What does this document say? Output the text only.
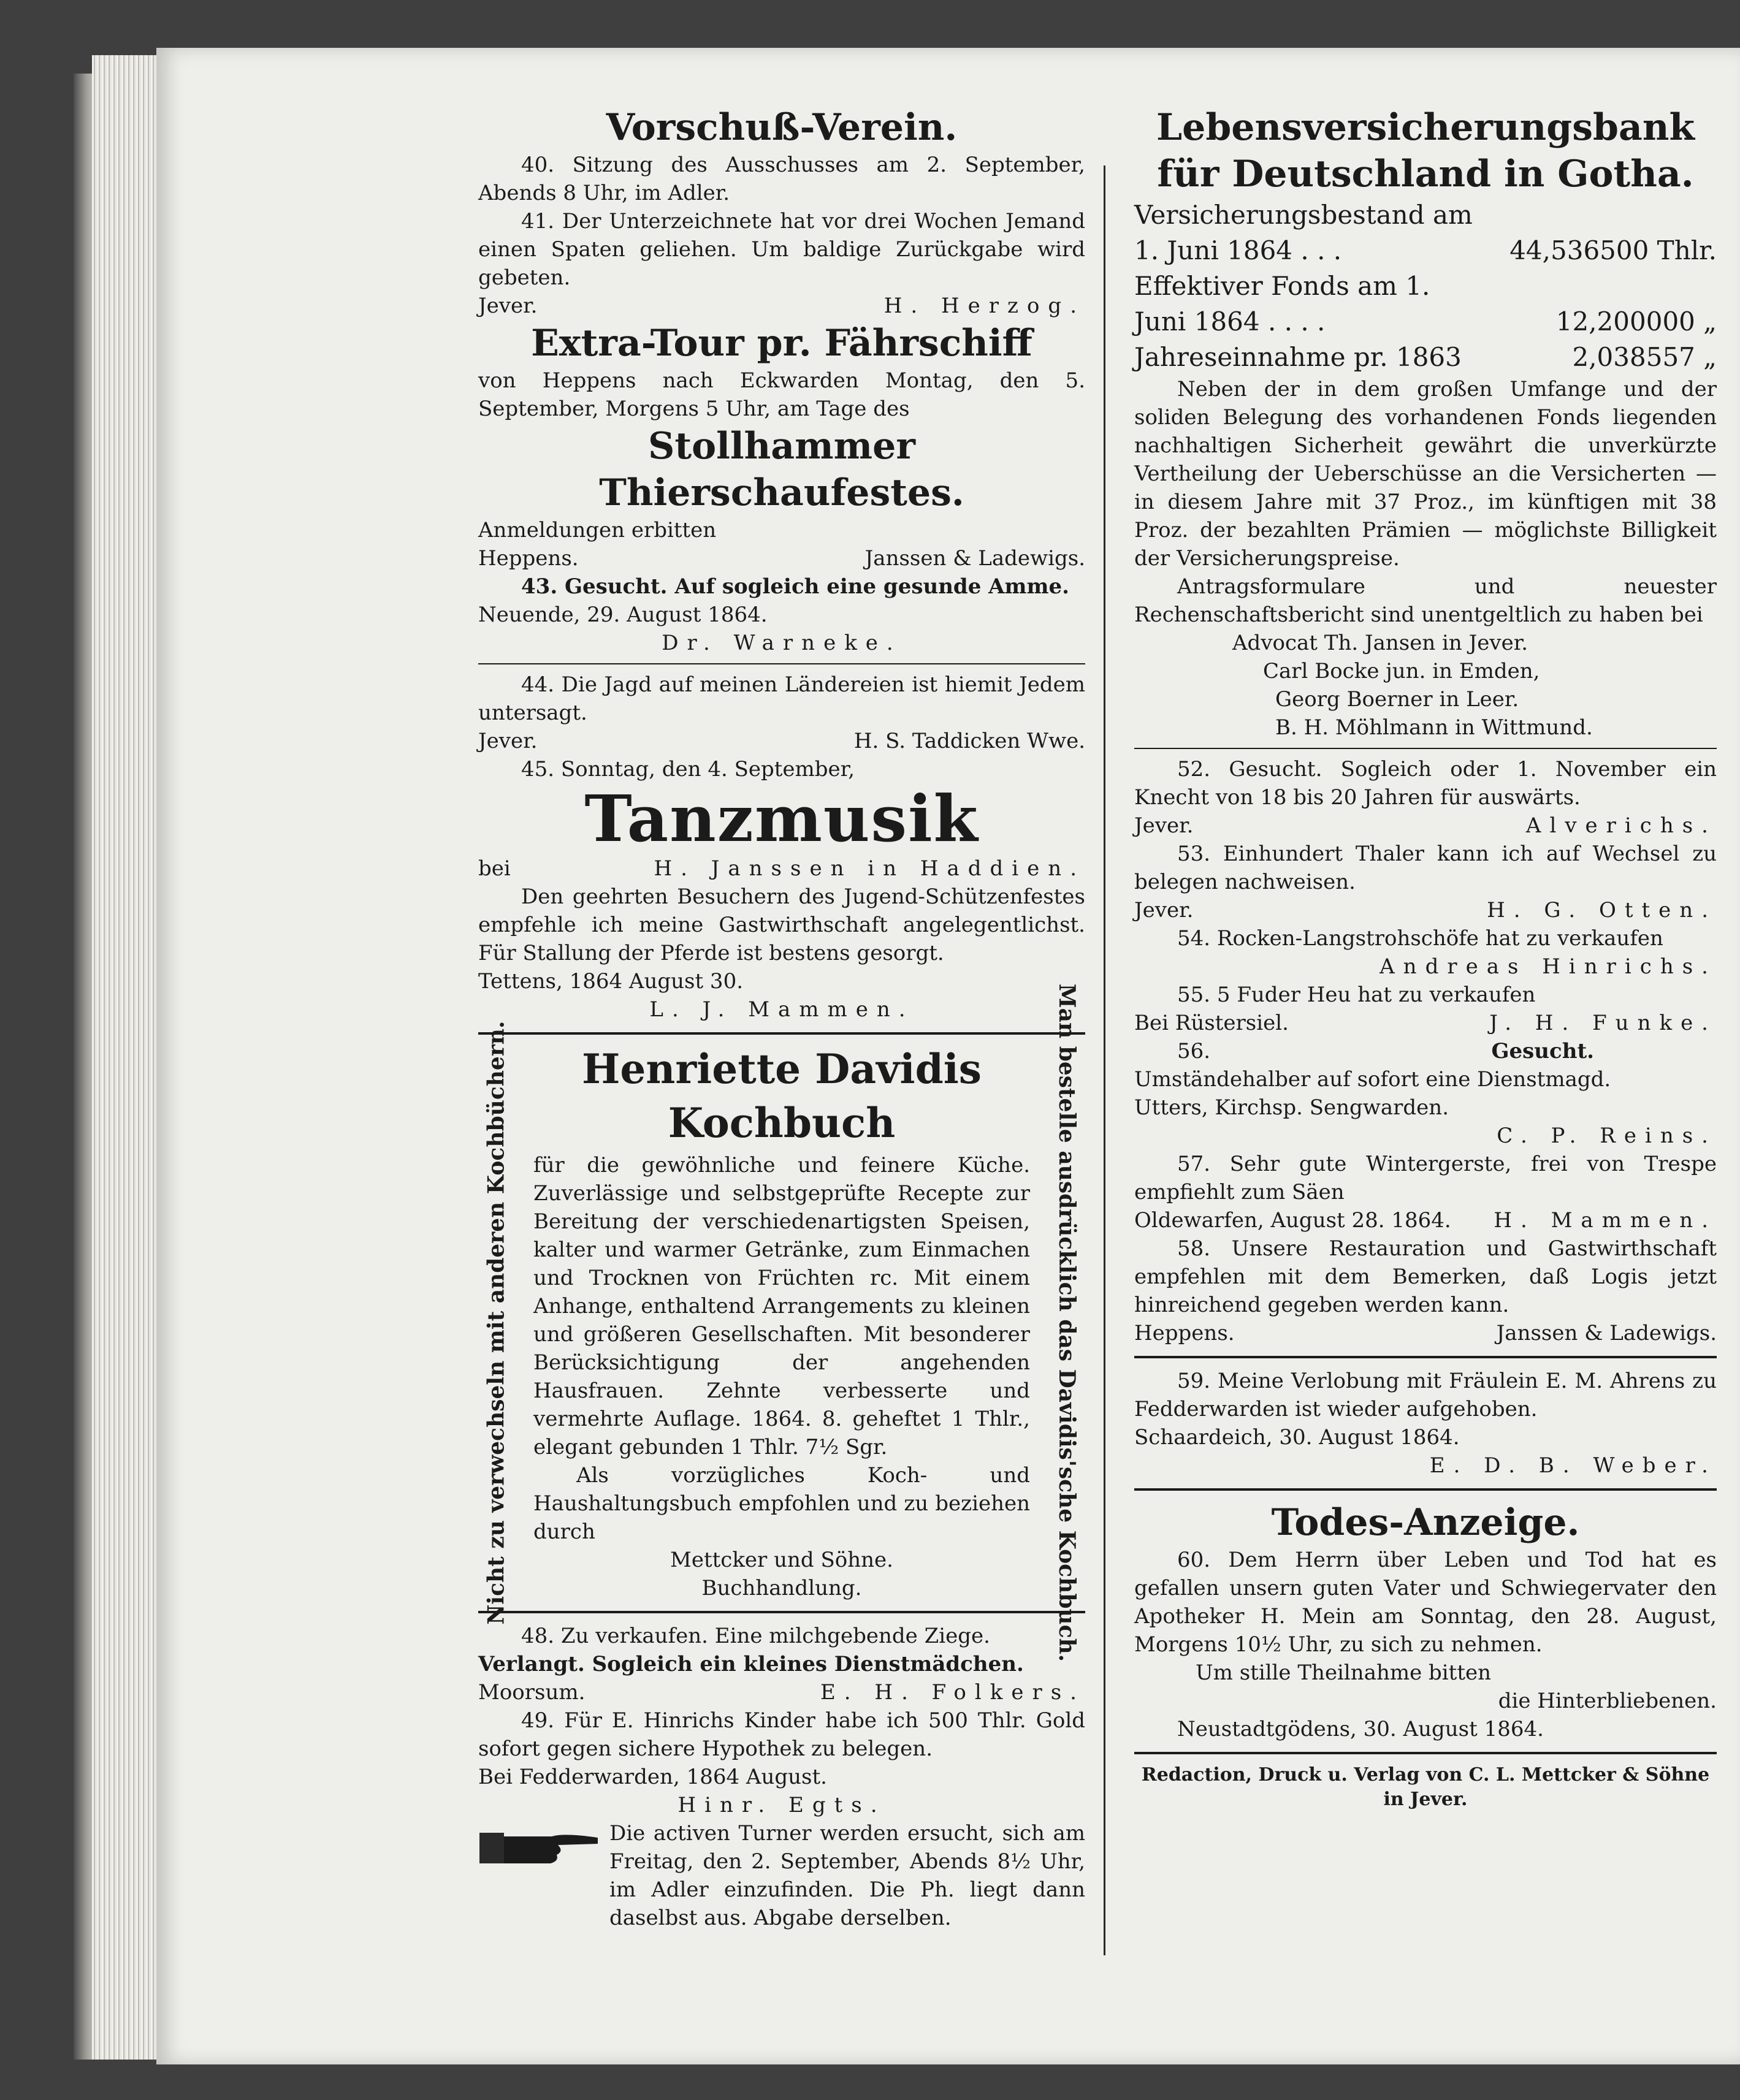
Vorschuß-Verein.

40. Sitzung des Ausschusses am 2. September, Abends 8 Uhr, im Adler.

41. Der Unterzeichnete hat vor drei Wochen Jemand einen Spaten geliehen. Um baldige Zurückgabe wird gebeten.

Jever.	H. Herzog.
Extra-Tour pr. Fährschiff

von Heppens nach Eckwarden Montag, den 5. September, Morgens 5 Uhr, am Tage des

Stollhammer Thierschaufestes.

Anmeldungen erbitten

Heppens.	Janssen & Ladewigs.

43. Gesucht. Auf sogleich eine gesunde Amme.

Neuende, 29. August 1864.

Dr. Warneke.

44. Die Jagd auf meinen Ländereien ist hiemit Jedem untersagt.

Jever.	H. S. Taddicken Wwe.

45. Sonntag, den 4. September,

Tanzmusik
bei	H. Janssen in Haddien.

Den geehrten Besuchern des Jugend-Schützenfestes empfehle ich meine Gastwirthschaft angelegentlichst. Für Stallung der Pferde ist bestens gesorgt.

Tettens, 1864 August 30.

L. J. Mammen.

Nicht zu verwechseln mit anderen Kochbüchern.	Man bestelle ausdrücklich das Davidis'sche Kochbuch.
Henriette Davidis
Kochbuch

für die gewöhnliche und feinere Küche. Zuverlässige und selbstgeprüfte Recepte zur Bereitung der verschiedenartigsten Speisen, kalter und warmer Getränke, zum Einmachen und Trocknen von Früchten rc. Mit einem Anhange, enthaltend Arrangements zu kleinen und größeren Gesellschaften. Mit besonderer Berücksichtigung der angehenden Hausfrauen. Zehnte verbesserte und vermehrte Auflage. 1864. 8. geheftet 1 Thlr., elegant gebunden 1 Thlr. 7½ Sgr.

Als vorzügliches Koch- und Haushaltungsbuch empfohlen und zu beziehen durch

Mettcker und Söhne.

Buchhandlung.

48. Zu verkaufen. Eine milchgebende Ziege.

Verlangt. Sogleich ein kleines Dienstmädchen.

Moorsum.	E. H. Folkers.

49. Für E. Hinrichs Kinder habe ich 500 Thlr. Gold sofort gegen sichere Hypothek zu belegen.

Bei Fedderwarden, 1864 August.

Hinr. Egts.

Die activen Turner werden ersucht, sich am Freitag, den 2. September, Abends 8½ Uhr, im Adler einzufinden. Die Ph. liegt dann daselbst aus. Abgabe derselben.

Lebensversicherungsbank für Deutschland in Gotha.
Versicherungsbestand am
1. Juni 1864 . . .	44,536500 Thlr.
Effektiver Fonds am 1.
Juni 1864 . . . .	12,200000 „
Jahreseinnahme pr. 1863	2,038557 „

Neben der in dem großen Umfange und der soliden Belegung des vorhandenen Fonds liegenden nachhaltigen Sicherheit gewährt die unverkürzte Vertheilung der Ueberschüsse an die Versicherten — in diesem Jahre mit 37 Proz., im künftigen mit 38 Proz. der bezahlten Prämien — möglichste Billigkeit der Versicherungspreise.

Antragsformulare und neuester Rechenschaftsbericht sind unentgeltlich zu haben bei

Advocat Th. Jansen in Jever.

Carl Bocke jun. in Emden,

Georg Boerner in Leer.

B. H. Möhlmann in Wittmund.

52. Gesucht. Sogleich oder 1. November ein Knecht von 18 bis 20 Jahren für auswärts.

Jever.	Alverichs.

53. Einhundert Thaler kann ich auf Wechsel zu belegen nachweisen.

Jever.	H. G. Otten.

54. Rocken-Langstrohschöfe hat zu verkaufen

Andreas Hinrichs.

55. 5 Fuder Heu hat zu verkaufen

Bei Rüstersiel.	J. H. Funke.
56.	Gesucht.

Umständehalber auf sofort eine Dienstmagd.

Utters, Kirchsp. Sengwarden.

C. P. Reins.

57. Sehr gute Wintergerste, frei von Trespe empfiehlt zum Säen

Oldewarfen, August 28. 1864. H. Mammen.

58. Unsere Restauration und Gastwirthschaft empfehlen mit dem Bemerken, daß Logis jetzt hinreichend gegeben werden kann.

Heppens.	Janssen & Ladewigs.

59. Meine Verlobung mit Fräulein E. M. Ahrens zu Fedderwarden ist wieder aufgehoben.

Schaardeich, 30. August 1864.

E. D. B. Weber.

Todes-Anzeige.

60. Dem Herrn über Leben und Tod hat es gefallen unsern guten Vater und Schwiegervater den Apotheker H. Mein am Sonntag, den 28. August, Morgens 10½ Uhr, zu sich zu nehmen.

Um stille Theilnahme bitten

die Hinterbliebenen.

Neustadtgödens, 30. August 1864.

Redaction, Druck u. Verlag von C. L. Mettcker & Söhne in Jever.
